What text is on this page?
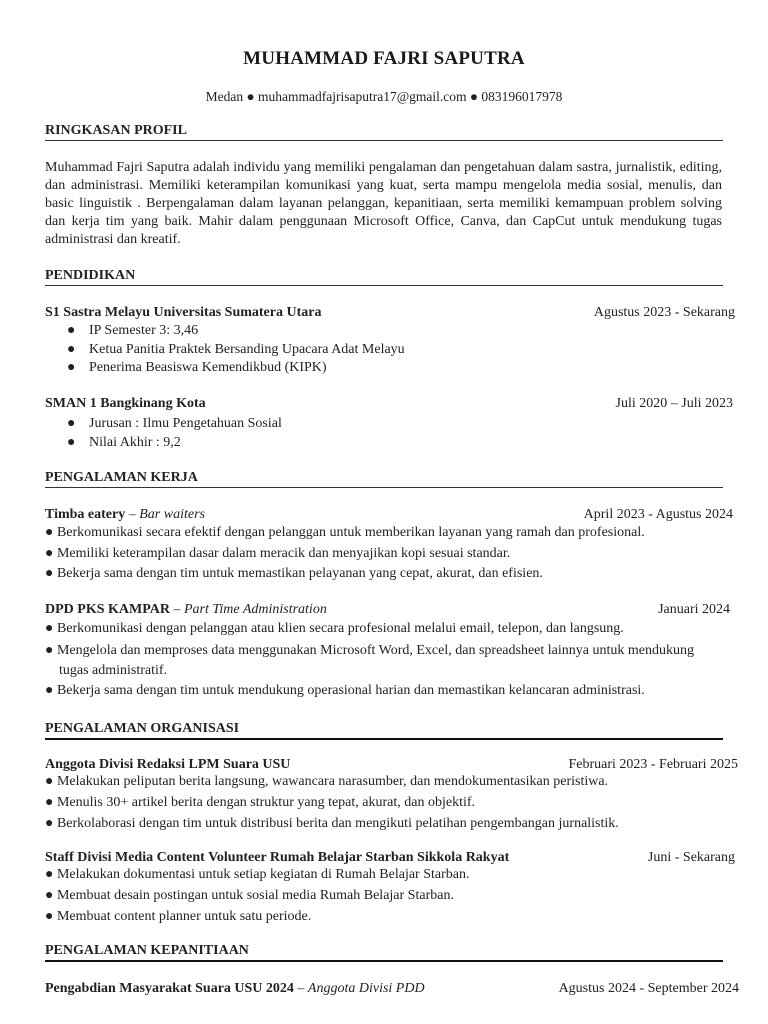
MUHAMMAD FAJRI SAPUTRA
Medan ● muhammadfajrisaputra17@gmail.com ● 083196017978
RINGKASAN PROFIL
Muhammad Fajri Saputra adalah individu yang memiliki pengalaman dan pengetahuan dalam sastra, jurnalistik, editing, dan administrasi. Memiliki keterampilan komunikasi yang kuat, serta mampu mengelola media sosial, menulis, dan basic linguistik . Berpengalaman dalam layanan pelanggan, kepanitiaan, serta memiliki kemampuan problem solving dan kerja tim yang baik. Mahir dalam penggunaan Microsoft Office, Canva, dan CapCut untuk mendukung tugas administrasi dan kreatif.
PENDIDIKAN
S1 Sastra Melayu Universitas Sumatera Utara	Agustus 2023 - Sekarang
● IP Semester 3: 3,46
● Ketua Panitia Praktek Bersanding Upacara Adat Melayu
● Penerima Beasiswa Kemendikbud (KIPK)
SMAN 1 Bangkinang Kota	Juli 2020 – Juli 2023
● Jurusan : Ilmu Pengetahuan Sosial
● Nilai Akhir : 9,2
PENGALAMAN KERJA
Timba eatery – Bar waiters	April 2023 - Agustus 2024
● Berkomunikasi secara efektif dengan pelanggan untuk memberikan layanan yang ramah dan profesional.
● Memiliki keterampilan dasar dalam meracik dan menyajikan kopi sesuai standar.
● Bekerja sama dengan tim untuk memastikan pelayanan yang cepat, akurat, dan efisien.
DPD PKS KAMPAR – Part Time Administration	Januari 2024
● Berkomunikasi dengan pelanggan atau klien secara profesional melalui email, telepon, dan langsung.
● Mengelola dan memproses data menggunakan Microsoft Word, Excel, dan spreadsheet lainnya untuk mendukung tugas administratif.
● Bekerja sama dengan tim untuk mendukung operasional harian dan memastikan kelancaran administrasi.
PENGALAMAN ORGANISASI
Anggota Divisi Redaksi LPM Suara USU	Februari 2023 - Februari 2025
● Melakukan peliputan berita langsung, wawancara narasumber, dan mendokumentasikan peristiwa.
● Menulis 30+ artikel berita dengan struktur yang tepat, akurat, dan objektif.
● Berkolaborasi dengan tim untuk distribusi berita dan mengikuti pelatihan pengembangan jurnalistik.
Staff Divisi Media Content Volunteer Rumah Belajar Starban Sikkola Rakyat	Juni - Sekarang
● Melakukan dokumentasi untuk setiap kegiatan di Rumah Belajar Starban.
● Membuat desain postingan untuk sosial media Rumah Belajar Starban.
● Membuat content planner untuk satu periode.
PENGALAMAN KEPANITIAAN
Pengabdian Masyarakat Suara USU 2024 – Anggota Divisi PDD	Agustus 2024 - September 2024
